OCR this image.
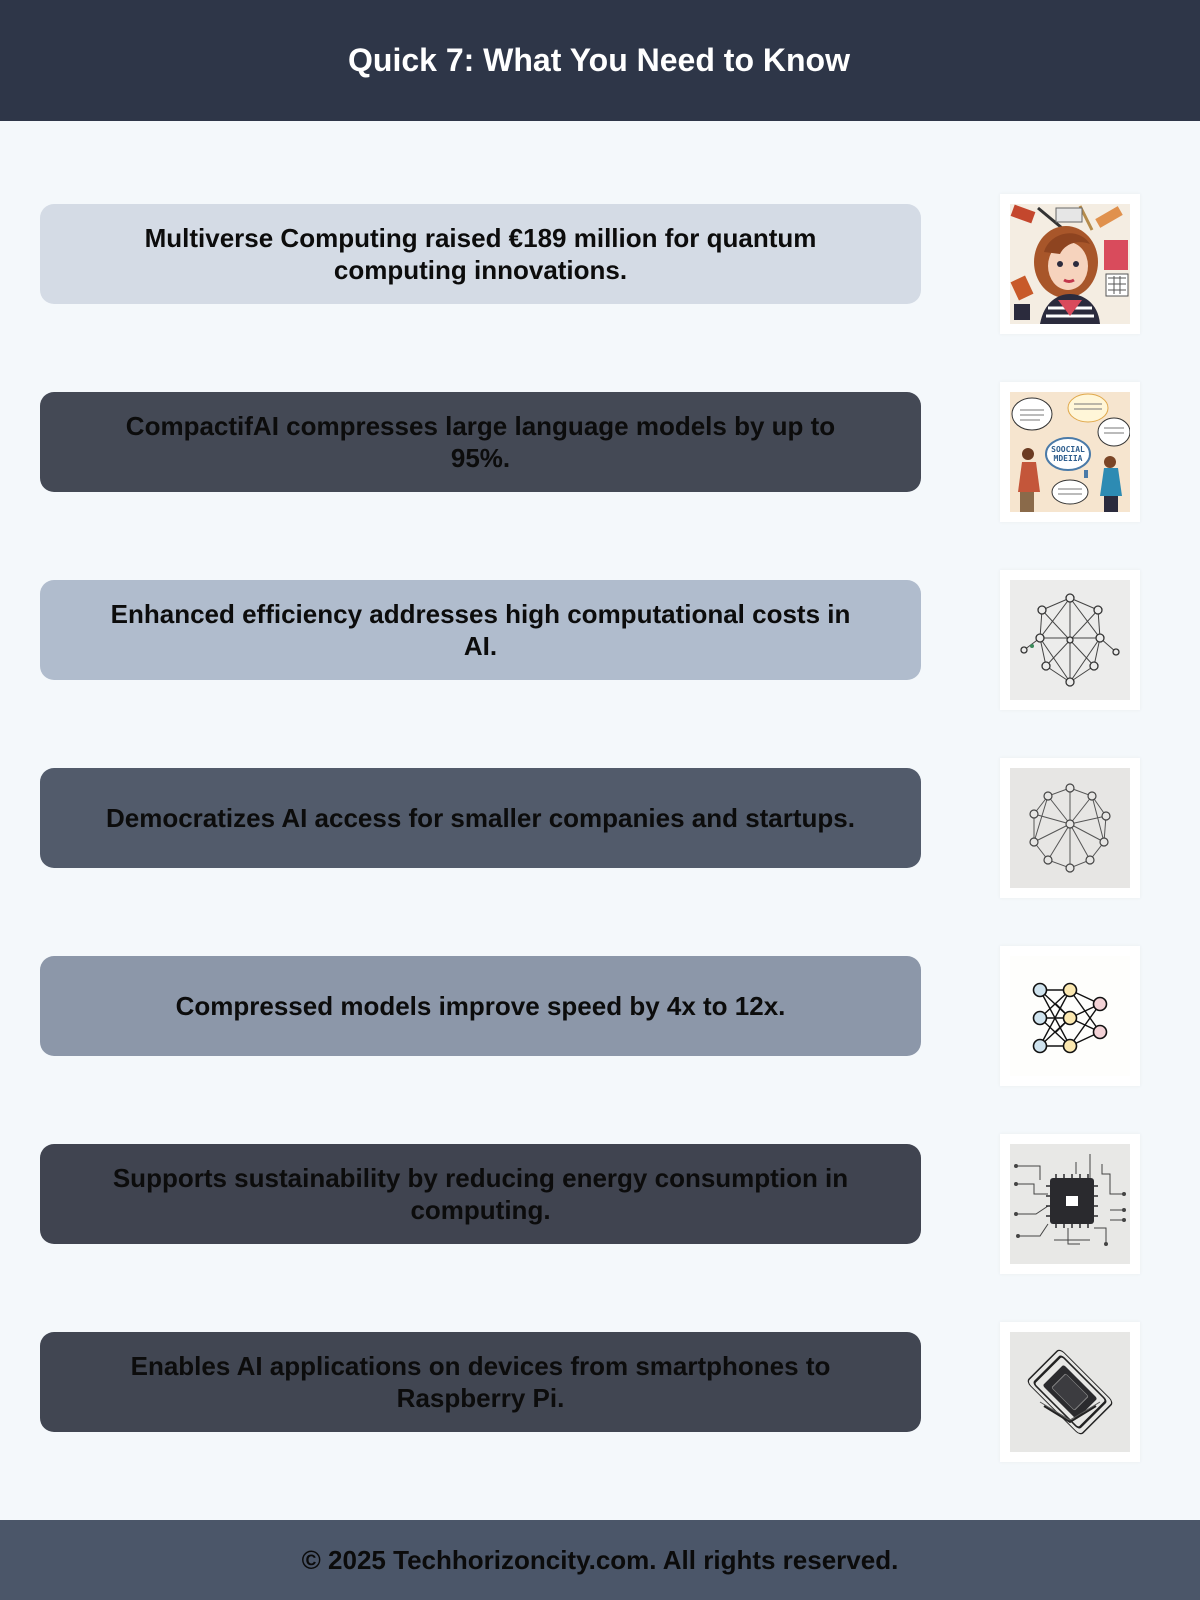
Quick 7: What You Need to Know
Multiverse Computing raised €189 million for quantum computing innovations.
CompactifAI compresses large language models by up to 95%.	SOOCIAL
MDEIIA
Enhanced efficiency addresses high computational costs in AI.
Democratizes AI access for smaller companies and startups.
Compressed models improve speed by 4x to 12x.
Supports sustainability by reducing energy consumption in computing.
Enables AI applications on devices from smartphones to Raspberry Pi.
© 2025 Techhorizoncity.com. All rights reserved.
